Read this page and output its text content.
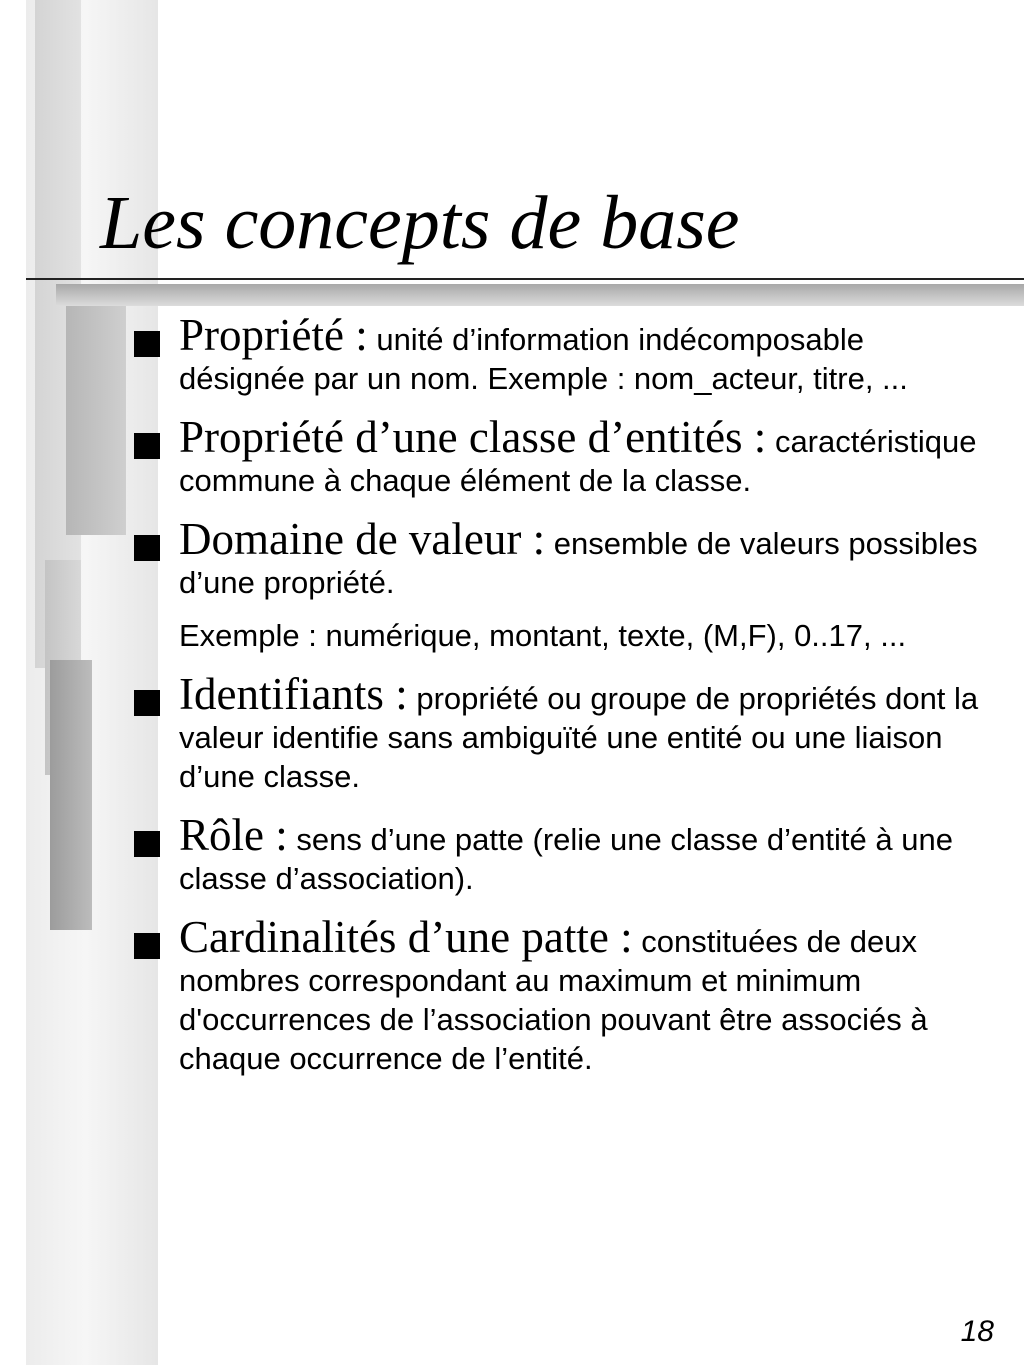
Les concepts de base

Propriété : unité d’information indécomposable désignée par un nom. Exemple : nom_acteur, titre, ...

Propriété d’une classe d’entités : caractéristique commune à chaque élément de la classe.

Domaine de valeur : ensemble de valeurs possibles d’une propriété.

Exemple : numérique, montant, texte, (M,F), 0..17, ...

Identifiants : propriété ou groupe de propriétés dont la valeur identifie sans ambiguïté une entité ou une liaison d’une classe.

Rôle : sens d’une patte (relie une classe d’entité à une classe d’association).

Cardinalités d’une patte : constituées de deux nombres correspondant au maximum et minimum d'occurrences de l’association pouvant être associés à chaque occurrence de l’entité.

18
